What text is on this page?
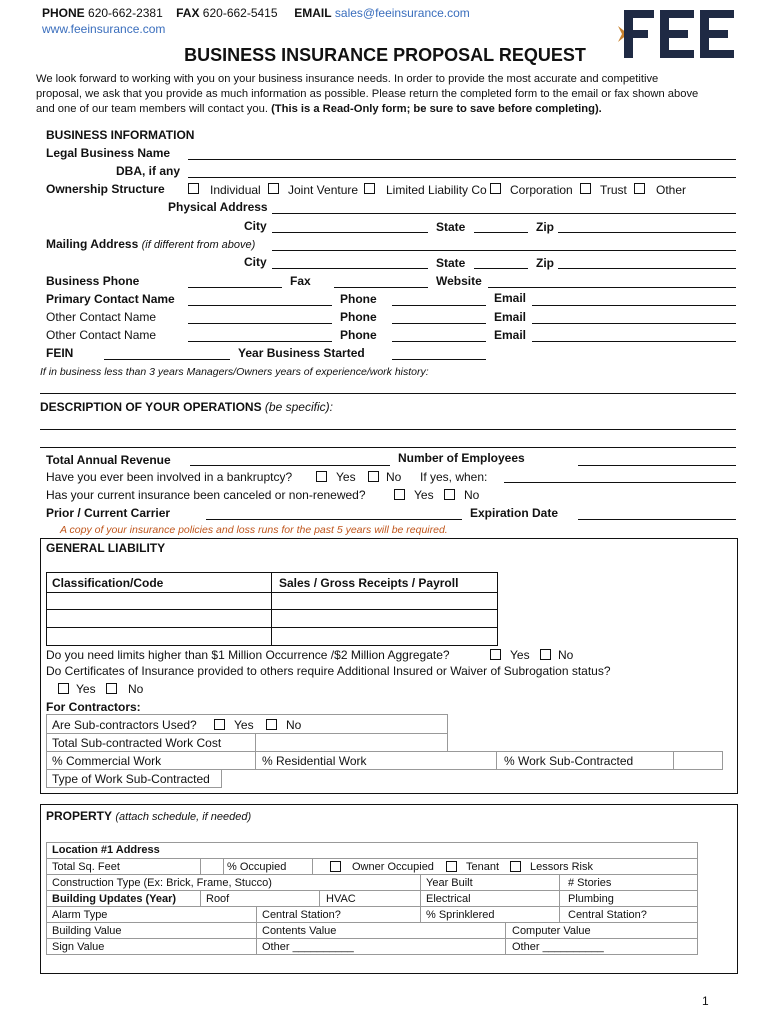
PHONE 620-662-2381 FAX 620-662-5415 EMAIL sales@feeinsurance.com
www.feeinsurance.com
BUSINESS INSURANCE PROPOSAL REQUEST
We look forward to working with you on your business insurance needs. In order to provide the most accurate and competitive
proposal, we ask that you provide as much information as possible. Please return the completed form to the email or fax shown above
and one of our team members will contact you. (This is a Read-Only form; be sure to save before completing).
BUSINESS INFORMATION
Legal Business Name
DBA, if any
Ownership Structure	Individual Joint Venture Limited Liability Co Corporation Trust Other
Physical Address
City	State	Zip
Mailing Address (if different from above)
City	State	Zip
Business Phone	Fax	Website
Primary Contact Name	Phone	Email
Other Contact Name	Phone	Email
Other Contact Name	Phone	Email
FEIN	Year Business Started
If in business less than 3 years Managers/Owners years of experience/work history:
DESCRIPTION OF YOUR OPERATIONS (be specific):
Total Annual Revenue	Number of Employees
Have you ever been involved in a bankruptcy?	Yes	No If yes, when:
Has your current insurance been canceled or non-renewed?	Yes	No
Prior / Current Carrier	Expiration Date
A copy of your insurance policies and loss runs for the past 5 years will be required.
GENERAL LIABILITY
Classification/Code	Sales / Gross Receipts / Payroll
Do you need limits higher than $1 Million Occurrence /$2 Million Aggregate?	Yes No
Do Certificates of Insurance provided to others require Additional Insured or Waiver of Subrogation status?
Yes	No
For Contractors:
Are Sub-contractors Used?	Yes	No
Total Sub-contracted Work Cost
% Commercial Work	% Residential Work	% Work Sub-Contracted
Type of Work Sub-Contracted
PROPERTY (attach schedule, if needed)
Location #1 Address
Total Sq. Feet	% Occupied	Owner Occupied	Tenant	Lessors Risk
Construction Type (Ex: Brick, Frame, Stucco)	Year Built	# Stories
Building Updates (Year)	Roof	HVAC	Electrical	Plumbing
Alarm Type	Central Station?	% Sprinklered	Central Station?
Building Value	Contents Value	Computer Value
Sign Value	Other __________	Other __________
1
